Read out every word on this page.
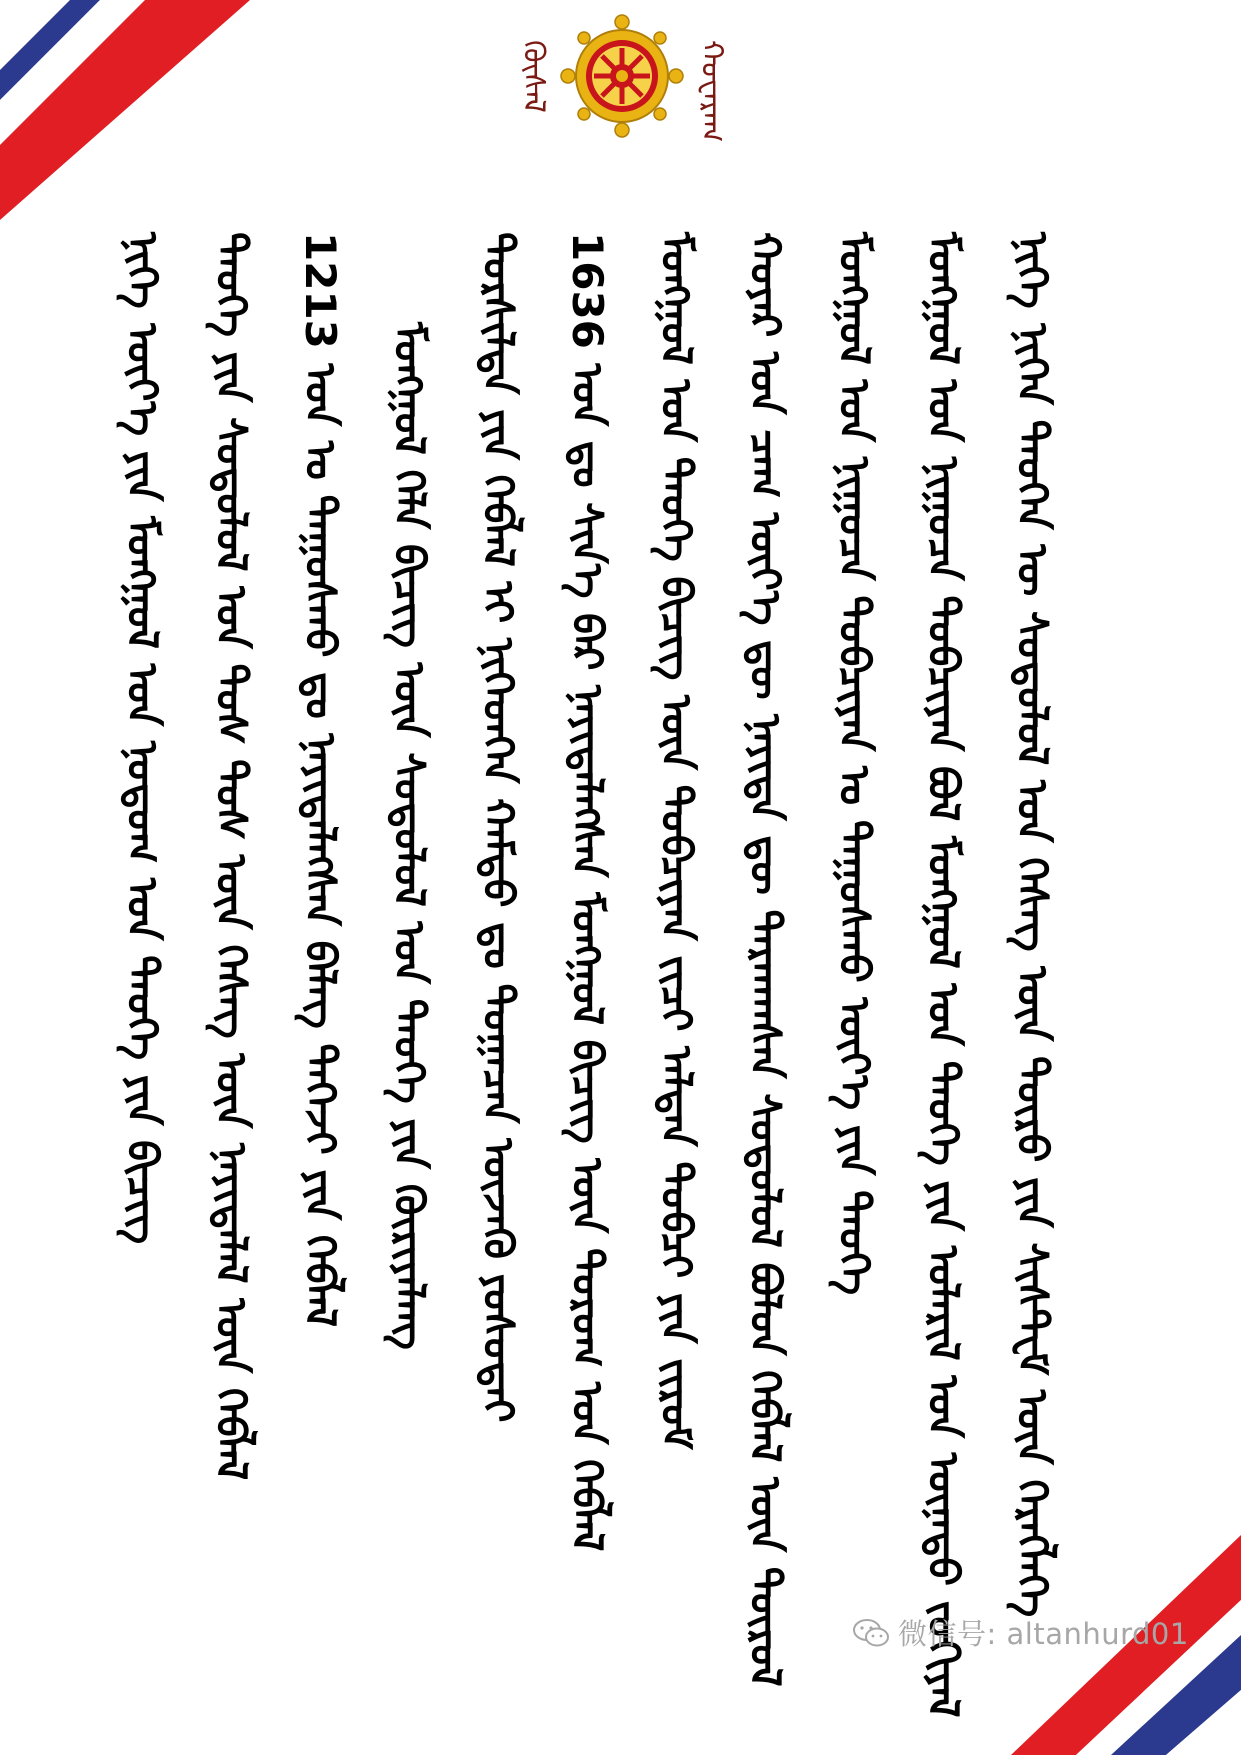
ᠬᠦᠰᠡᠯ	ᠬᠤᠸᠠᠷᠠᠭ
ᠨᠢᠭᠡ ᠦᠶ᠎ᠡ ᠶᠢᠨ ᠮᠣᠩᠭᠣᠯ ᠤᠨ ᠨᠤᠲᠤᠭ ᠤᠨ ᠲᠡᠦᠬᠡ ᠶᠢᠨ ᠪᠢᠴᠢᠭ ᠲᠡᠦᠬᠡ ᠶᠢᠨ ᠰᠤᠳᠤᠯᠤᠯ ᠤᠨ ᠲᠤᠰ ᠲᠤᠰ ᠦᠨ ᠬᠡᠰᠡᠭ ᠦᠨ ᠨᠡᠶᠢᠲᠡᠯᠡᠯ ᠦᠨ ᠬᠡᠪᠯᠡᠯ 1213 ᠣᠨ ᠤ ᠳᠠᠭᠤᠰᠬᠤ ᠳᠤ ᠨᠡᠶᠢᠲᠡᠯᠡᠭᠰᠡᠨ ᠪᠡᠯᠡᠭ ᠳᠡᠭᠡᠵᠢ ᠶᠢᠨ ᠬᠡᠪᠯᠡᠯ ᠮᠣᠩᠭᠣᠯ ᠬᠡᠯᠡ ᠪᠢᠴᠢᠭ ᠦᠨ ᠰᠤᠳᠤᠯᠤᠯ ᠤᠨ ᠲᠡᠦᠬᠡ ᠶᠢᠨ ᠬᠦᠷᠢᠶᠡᠯᠡᠩ ᠲᠤᠷᠰᠢᠯᠲᠠ ᠶᠢᠨ ᠬᠡᠪᠯᠡᠯ ᠢ ᠨᠢᠭᠡᠳᠬᠡᠨ ᠬᠠᠮᠲᠤ ᠳᠤ ᠲᠣᠭᠠᠴᠠᠨ ᠦᠵᠡᠬᠦ ᠶᠣᠰᠣᠲᠠᠢ 1636 ᠣᠨ ᠳᠤ ᠰᠢᠨ᠎ᠡ ᠪᠡᠷ ᠨᠡᠶᠢᠲᠡᠯᠡᠭᠰᠡᠨ ᠮᠣᠩᠭᠣᠯ ᠪᠢᠴᠢᠭ ᠦᠨ ᠳᠣᠷᠤᠭ ᠤᠨ ᠬᠡᠪᠯᠡᠯ ᠮᠣᠩᠭᠣᠯ ᠤᠨ ᠲᠡᠦᠬᠡ ᠪᠢᠴᠢᠭ ᠦᠨ ᠲᠣᠪᠴᠢᠶᠠᠨ ᠵᠢᠴᠢ ᠠᠯᠲᠠᠨ ᠲᠣᠪᠴᠢ ᠶᠢᠨ ᠵᠢᠷᠤᠮ ᠬᠣᠶᠠᠷ ᠤᠨ ᠴᠠᠭ ᠦᠶ᠎ᠡ ᠳᠦ ᠨᠡᠶᠢᠲᠡ ᠳᠦ ᠲᠠᠷᠬᠠᠭᠰᠠᠨ ᠰᠤᠳᠤᠯᠤᠯ ᠪᠣᠯᠤᠨ ᠬᠡᠪᠯᠡᠯ ᠦᠨ ᠲᠦᠷᠦᠯ ᠮᠣᠩᠭᠣᠯ ᠤᠨ ᠨᠢᠭᠤᠴᠠ ᠲᠣᠪᠴᠢᠶᠠᠨ ᠤ ᠳᠠᠭᠤᠰᠬᠤ ᠦᠶ᠎ᠡ ᠶᠢᠨ ᠲᠡᠦᠬᠡ ᠮᠣᠩᠭᠣᠯ ᠤᠨ ᠨᠢᠭᠤᠴᠠ ᠲᠣᠪᠴᠢᠶᠠᠨ ᠪᠣᠯ ᠮᠣᠩᠭᠣᠯ ᠤᠨ ᠲᠡᠦᠬᠡ ᠶᠢᠨ ᠤᠯᠠᠷᠢᠯ ᠤᠨ ᠦᠨᠡᠲᠦ ᠵᠣᠬᠢᠶᠠᠯ ᠨᠢᠭᠡ ᠨᠢᠭᠡᠨ ᠲᠡᠦᠬᠡᠨ ᠦ ᠰᠤᠳᠤᠯᠤᠯ ᠤᠨ ᠬᠡᠰᠡᠭ ᠦᠨ ᠲᠦᠷᠦ ᠶᠢᠨ ᠰᠢᠰᠲ᠋ᠧᠮ ᠦᠨ ᠬᠡᠷᠡᠭᠯᠡᠭᠡ
微信号: altanhurd01
